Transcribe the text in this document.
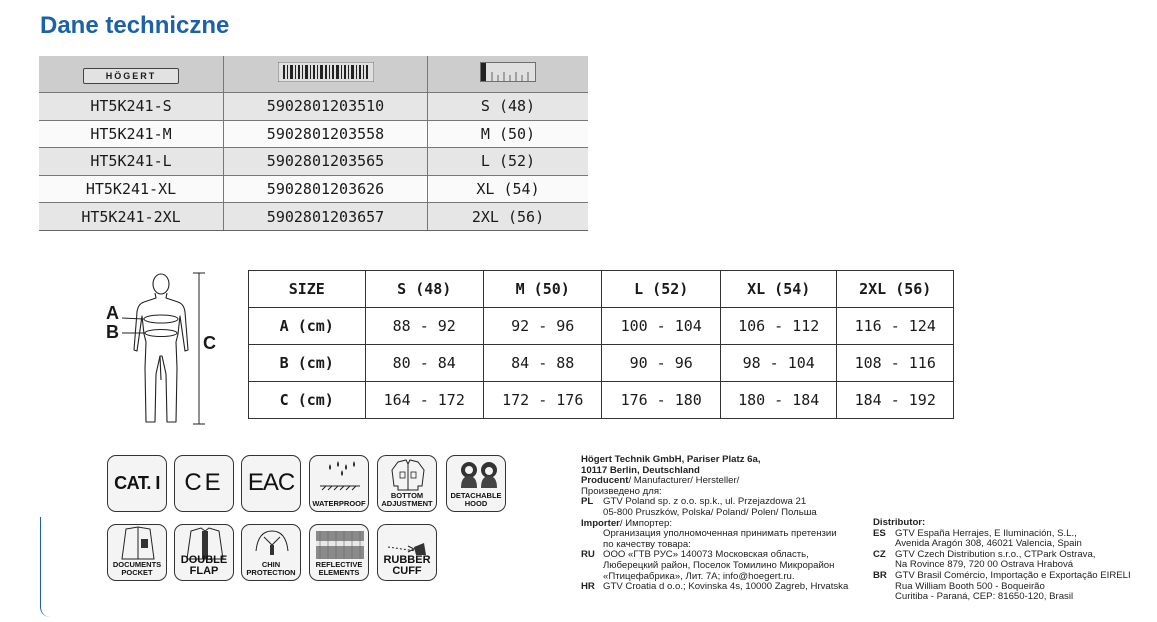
Dane techniczne
HÖGERT		
HT5K241-S	5902801203510	S (48)
HT5K241-M	5902801203558	M (50)
HT5K241-L	5902801203565	L (52)
HT5K241-XL	5902801203626	XL (54)
HT5K241-2XL	5902801203657	2XL (56)
A
B
C
SIZE	S (48)	M (50)	L (52)	XL (54)	2XL (56)
A (cm)	88 - 92	92 - 96	100 - 104	106 - 112	116 - 124
B (cm)	80 - 84	84 - 88	90 - 96	98 - 104	108 - 116
C (cm)	164 - 172	172 - 176	176 - 180	180 - 184	184 - 192
CAT. I	CE	EAC
WATERPROOF
BOTTOM
ADJUSTMENT
DETACHABLE
HOOD
DOCUMENTS
POCKET
DOUBLE
FLAP
CHIN
PROTECTION
REFLECTIVE
ELEMENTS
RUBBER
CUFF
Högert Technik GmbH, Pariser Platz 6a,
10117 Berlin, Deutschland
Producent/ Manufacturer/ Hersteller/
Произведено для:
PL GTV Poland sp. z o.o. sp.k., ul. Przejazdowa 21
05-800 Pruszków, Polska/ Poland/ Polen/ Польша
Importer/ Импортер:
Организация уполномоченная принимать претензии
по качеству товара:
RU ООО «ГТВ РУС» 140073 Московская область,
Люберецкий район, Поселок Томилино Микрорайон
«Птицефабрика», Лит. 7А; info@hoegert.ru.
HR GTV Croatia d o.o.; Kovinska 4s, 10000 Zagreb, Hrvatska
Distributor:
ES GTV España Herrajes, E Iluminación, S.L.,
Avenida Aragón 308, 46021 Valencia, Spain
CZ GTV Czech Distribution s.r.o., CTPark Ostrava,
Na Rovince 879, 720 00 Ostrava Hrabová
BR GTV Brasil Comércio, Importação e Exportação EIRELI
Rua William Booth 500 - Boqueirão
Curitiba - Paraná, CEP: 81650-120, Brasil
